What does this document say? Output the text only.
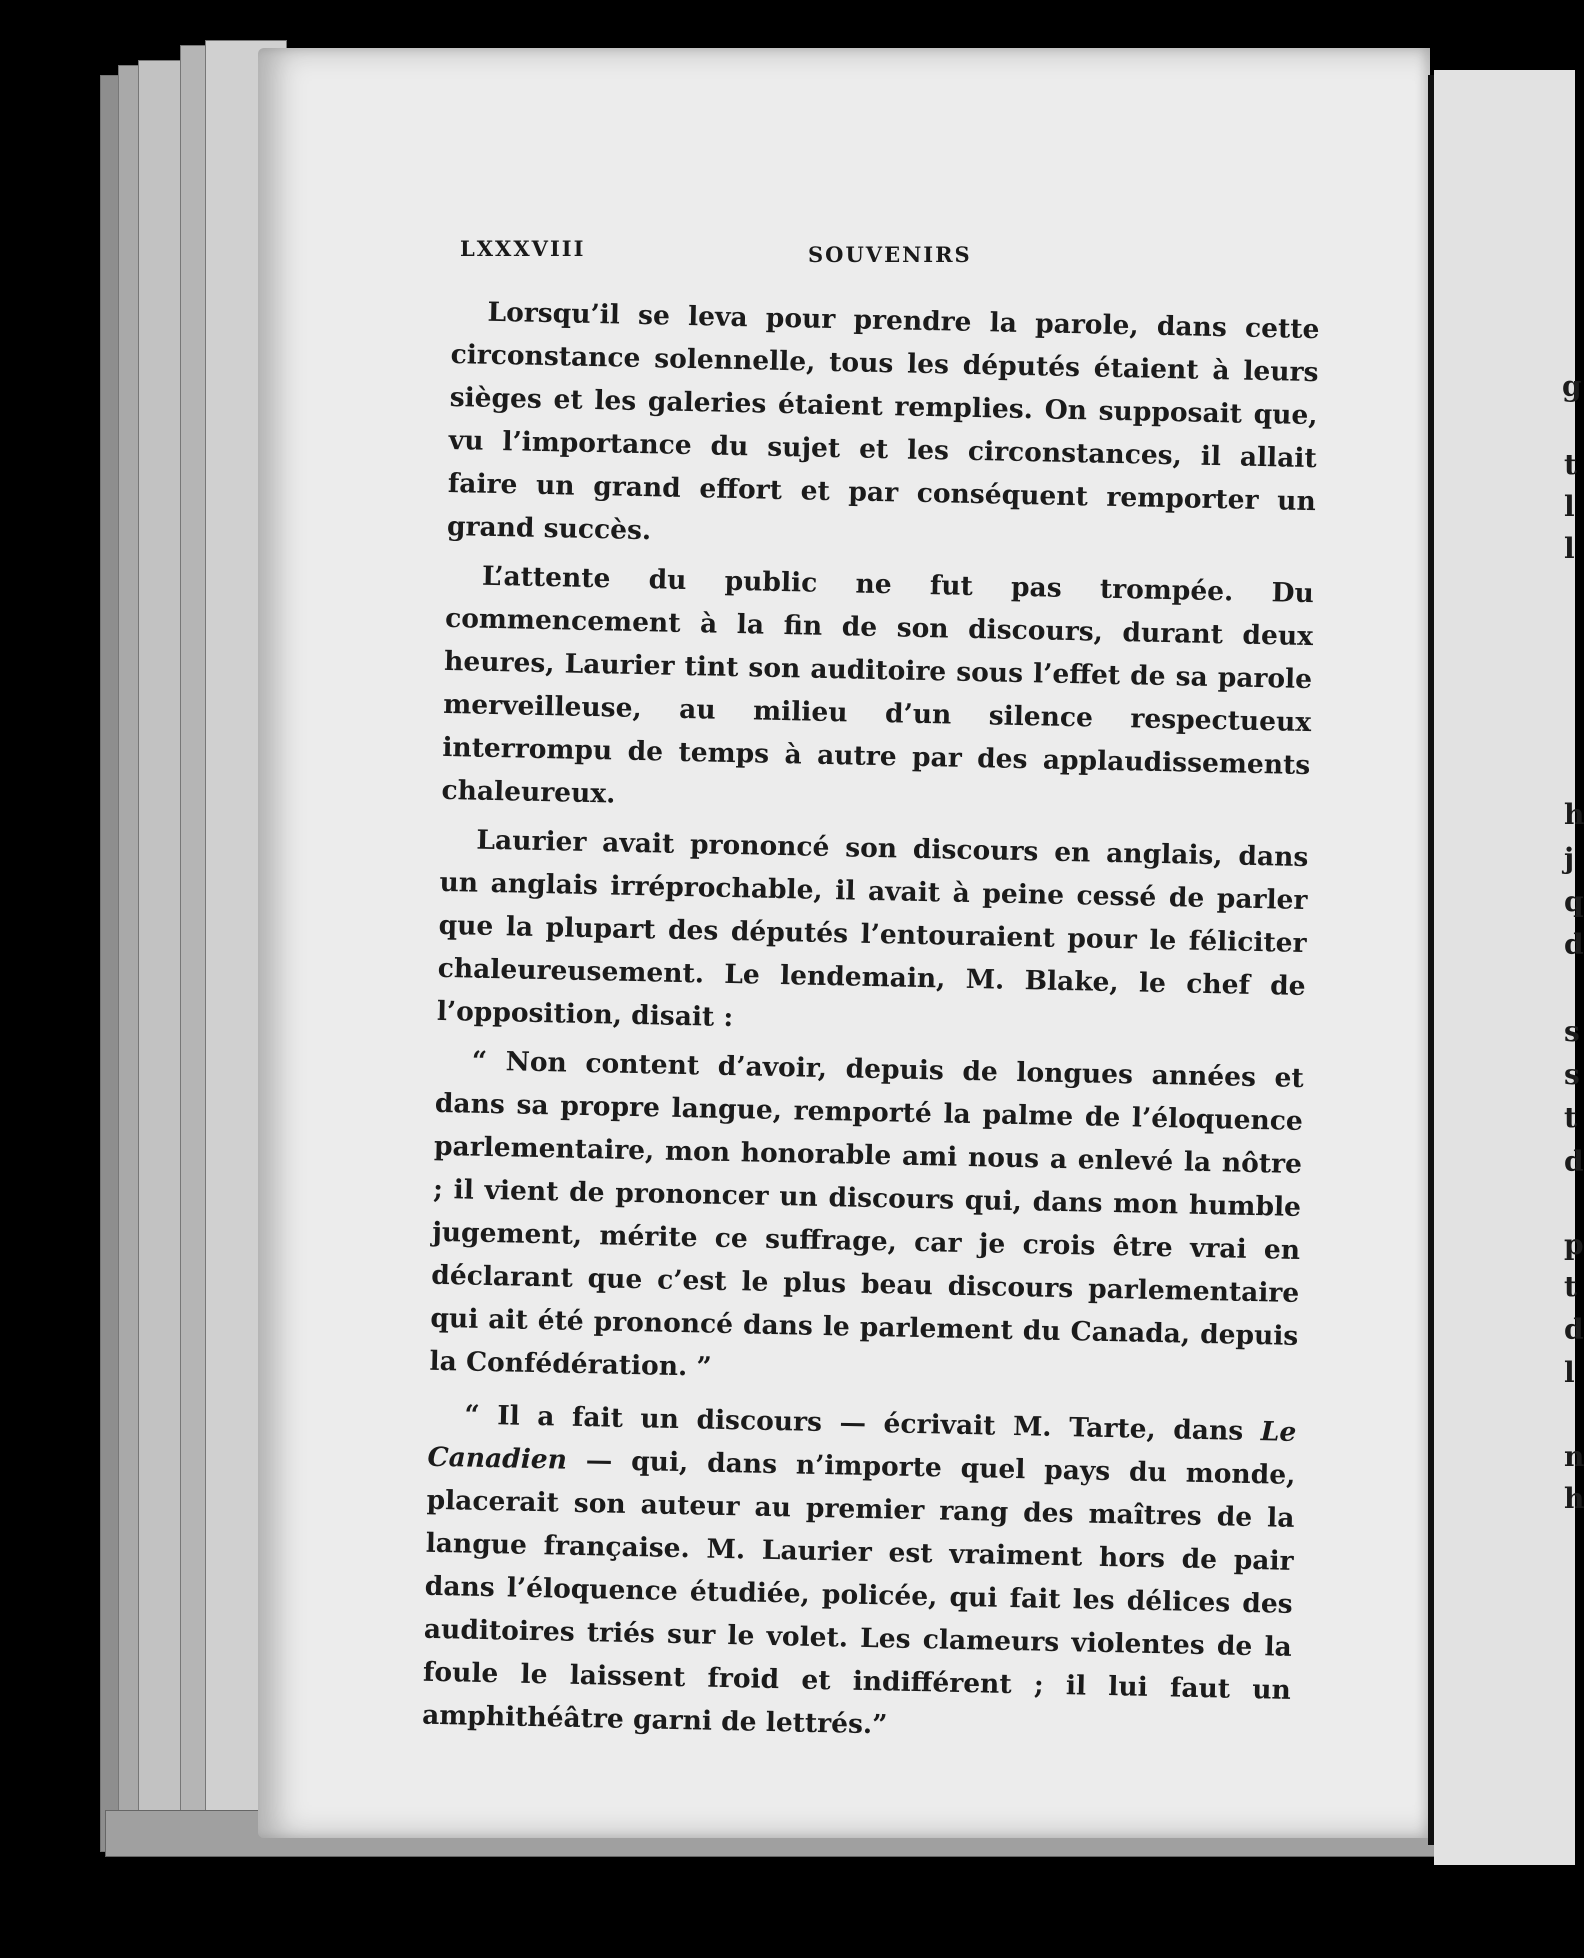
g
t
l
l
h
j
q
d
s
s
t
d
p
t
d
l
n
h
LXXXVIII	SOUVENIRS

Lorsqu’il se leva pour prendre la parole, dans cette circonstance solennelle, tous les députés étaient à leurs sièges et les galeries étaient remplies. On supposait que, vu l’importance du sujet et les circonstances, il allait faire un grand effort et par conséquent remporter un grand succès.

L’attente du public ne fut pas trompée. Du commencement à la fin de son discours, durant deux heures, Laurier tint son auditoire sous l’effet de sa parole merveilleuse, au milieu d’un silence respectueux interrompu de temps à autre par des applaudissements chaleureux.

Laurier avait prononcé son discours en anglais, dans un anglais irréprochable, il avait à peine cessé de parler que la plupart des députés l’entouraient pour le féliciter chaleureusement. Le lendemain, M. Blake, le chef de l’opposition, disait :

“ Non content d’avoir, depuis de longues années et dans sa propre langue, remporté la palme de l’éloquence parlementaire, mon honorable ami nous a enlevé la nôtre ; il vient de prononcer un discours qui, dans mon humble jugement, mérite ce suffrage, car je crois être vrai en déclarant que c’est le plus beau discours parlementaire qui ait été prononcé dans le parlement du Canada, depuis la Confédération. ”

“ Il a fait un discours — écrivait M. Tarte, dans Le Canadien — qui, dans n’importe quel pays du monde, placerait son auteur au premier rang des maîtres de la langue française. M. Laurier est vraiment hors de pair dans l’éloquence étudiée, policée, qui fait les délices des auditoires triés sur le volet. Les clameurs violentes de la foule le laissent froid et indifférent ; il lui faut un amphithéâtre garni de lettrés.”
